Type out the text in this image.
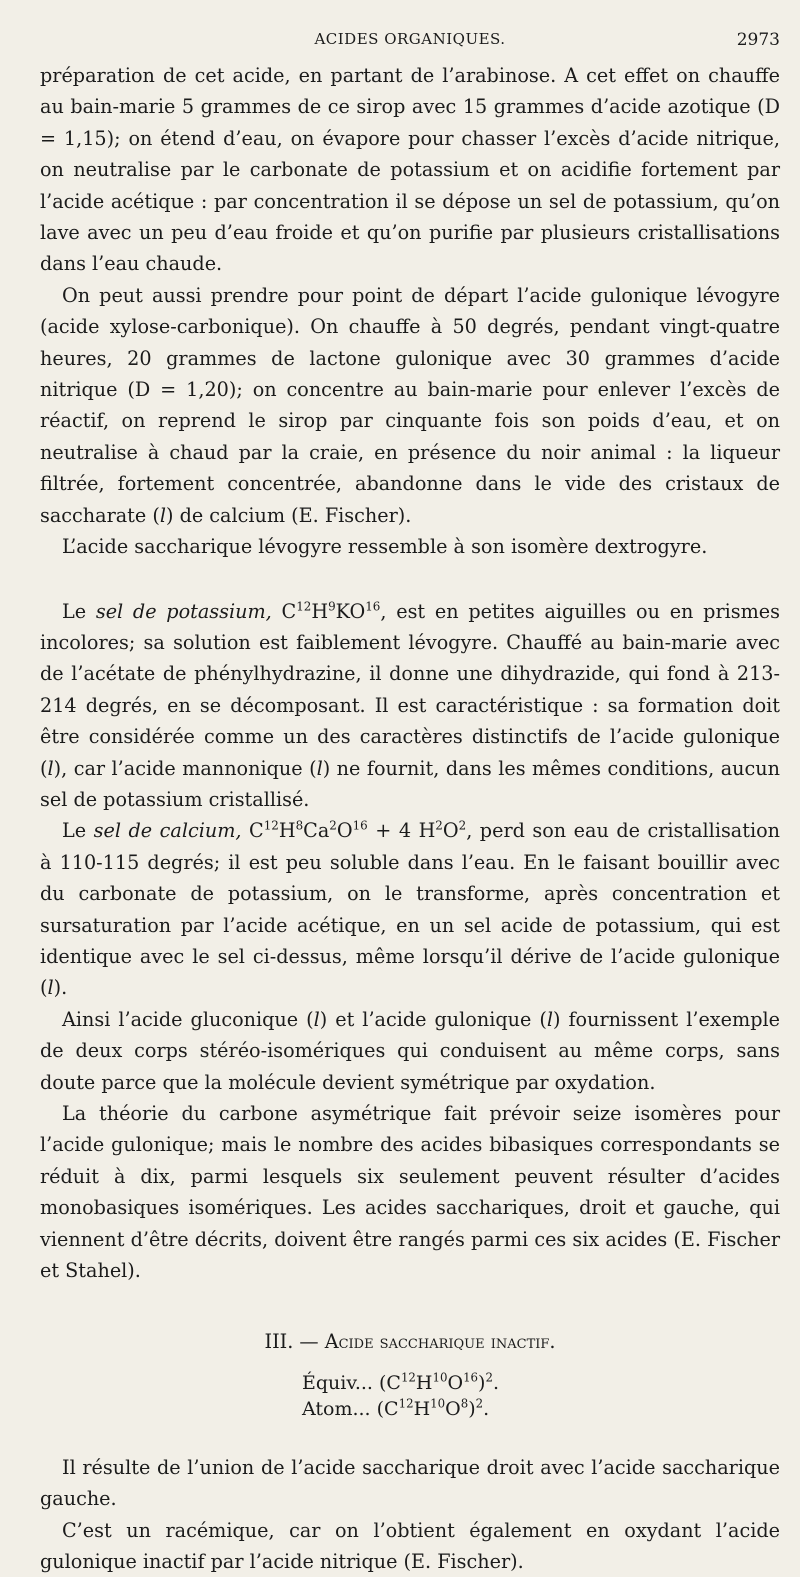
ACIDES ORGANIQUES.	2973

préparation de cet acide, en partant de l’arabinose. A cet effet on chauffe au bain-marie 5 grammes de ce sirop avec 15 grammes d’acide azotique (D = 1,15); on étend d’eau, on évapore pour chasser l’excès d’acide nitrique, on neutralise par le carbonate de potassium et on acidifie fortement par l’acide acétique : par concentration il se dépose un sel de potassium, qu’on lave avec un peu d’eau froide et qu’on purifie par plusieurs cristallisations dans l’eau chaude.

On peut aussi prendre pour point de départ l’acide gulonique lévogyre (acide xylose-carbonique). On chauffe à 50 degrés, pendant vingt-quatre heures, 20 grammes de lactone gulonique avec 30 grammes d’acide nitrique (D = 1,20); on concentre au bain-marie pour enlever l’excès de réactif, on reprend le sirop par cinquante fois son poids d’eau, et on neutralise à chaud par la craie, en présence du noir animal : la liqueur filtrée, fortement concentrée, abandonne dans le vide des cristaux de saccharate (l) de calcium (E. Fischer).

L’acide saccharique lévogyre ressemble à son isomère dextrogyre.

Le sel de potassium, $C^{12}H^9KO^{16}$, est en petites aiguilles ou en prismes incolores; sa solution est faiblement lévogyre. Chauffé au bain-marie avec de l’acétate de phénylhydrazine, il donne une dihydrazide, qui fond à 213-214 degrés, en se décomposant. Il est caractéristique : sa formation doit être considérée comme un des caractères distinctifs de l’acide gulonique (l), car l’acide mannonique (l) ne fournit, dans les mêmes conditions, aucun sel de potassium cristallisé.

Le sel de calcium, $C^{12}H^8Ca^2O^{16} + 4$ $H^2O^2$, perd son eau de cristallisation à 110-115 degrés; il est peu soluble dans l’eau. En le faisant bouillir avec du carbonate de potassium, on le transforme, après concentration et sursaturation par l’acide acétique, en un sel acide de potassium, qui est identique avec le sel ci-dessus, même lorsqu’il dérive de l’acide gulonique (l).

Ainsi l’acide gluconique (l) et l’acide gulonique (l) fournissent l’exemple de deux corps stéréo-isomériques qui conduisent au même corps, sans doute parce que la molécule devient symétrique par oxydation.

La théorie du carbone asymétrique fait prévoir seize isomères pour l’acide gulonique; mais le nombre des acides bibasiques correspondants se réduit à dix, parmi lesquels six seulement peuvent résulter d’acides monobasiques isomériques. Les acides sacchariques, droit et gauche, qui viennent d’être décrits, doivent être rangés parmi ces six acides (E. Fischer et Stahel).

III. — Acide saccharique inactif.
Équiv... $(C^{12}H^{10}O^{16})^2$.
Atom... $(C^{12}H^{10}O^8)^2$.

Il résulte de l’union de l’acide saccharique droit avec l’acide saccharique gauche.

C’est un racémique, car on l’obtient également en oxydant l’acide gulonique inactif par l’acide nitrique (E. Fischer).
